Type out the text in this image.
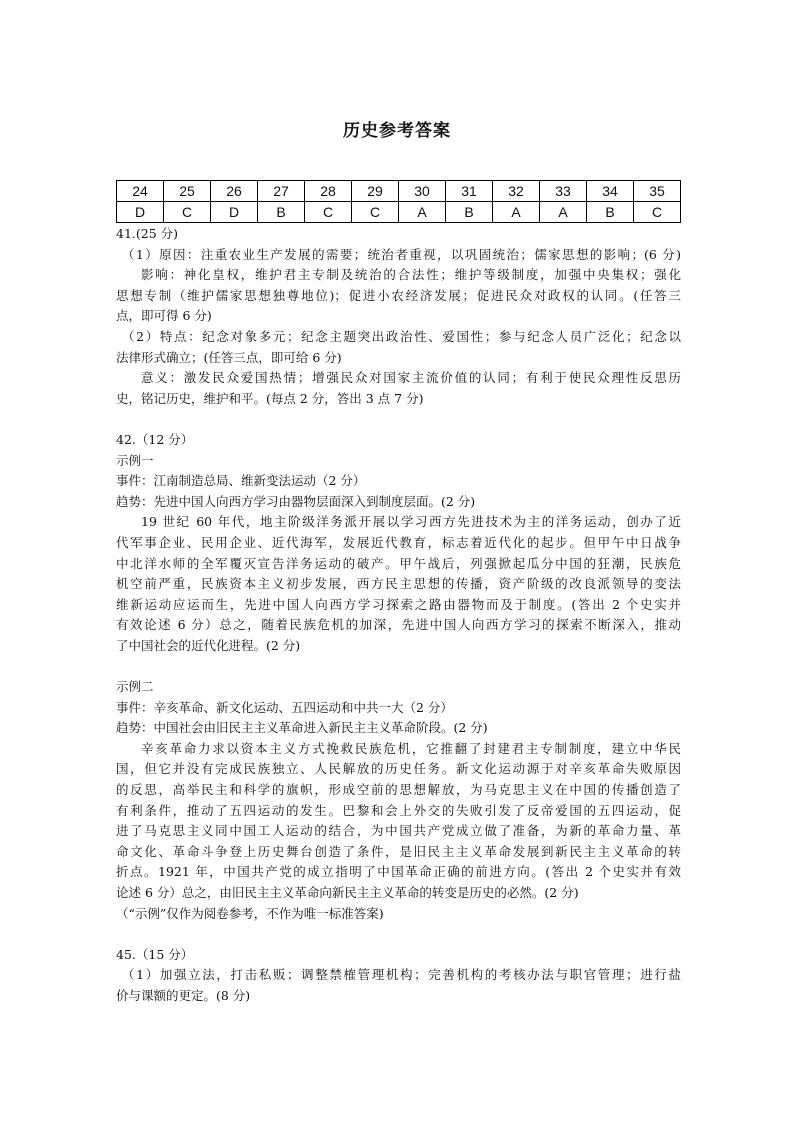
历史参考答案
24	25	26	27	28	29	30	31	32	33	34	35
D	C	D	B	C	C	A	B	A	A	B	C
41.(25 分)
（1）原因：注重农业生产发展的需要；统治者重视，以巩固统治；儒家思想的影响；(6 分)
影响：神化皇权，维护君主专制及统治的合法性；维护等级制度，加强中央集权；强化
思想专制（维护儒家思想独尊地位)；促进小农经济发展；促进民众对政权的认同。(任答三
点，即可得 6 分)
（2）特点：纪念对象多元；纪念主题突出政治性、爱国性；参与纪念人员广泛化；纪念以
法律形式确立；(任答三点，即可给 6 分)
意义：激发民众爱国热情；增强民众对国家主流价值的认同；有利于使民众理性反思历
史，铭记历史，维护和平。(每点 2 分，答出 3 点 7 分)
42.（12 分）
示例一
事件：江南制造总局、维新变法运动（2 分）
趋势：先进中国人向西方学习由器物层面深入到制度层面。(2 分)
19 世纪 60 年代，地主阶级洋务派开展以学习西方先进技术为主的洋务运动，创办了近
代军事企业、民用企业、近代海军，发展近代教育，标志着近代化的起步。但甲午中日战争
中北洋水师的全军覆灭宣告洋务运动的破产。甲午战后，列强掀起瓜分中国的狂潮，民族危
机空前严重，民族资本主义初步发展，西方民主思想的传播，资产阶级的改良派领导的变法
维新运动应运而生，先进中国人向西方学习探索之路由器物而及于制度。(答出 2 个史实并
有效论述 6 分）总之，随着民族危机的加深，先进中国人向西方学习的探索不断深入，推动
了中国社会的近代化进程。(2 分)
示例二
事件：辛亥革命、新文化运动、五四运动和中共一大（2 分）
趋势：中国社会由旧民主主义革命进入新民主主义革命阶段。(2 分)
辛亥革命力求以资本主义方式挽救民族危机，它推翻了封建君主专制制度，建立中华民
国，但它并没有完成民族独立、人民解放的历史任务。新文化运动源于对辛亥革命失败原因
的反思，高举民主和科学的旗帜，形成空前的思想解放，为马克思主义在中国的传播创造了
有利条件，推动了五四运动的发生。巴黎和会上外交的失败引发了反帝爱国的五四运动，促
进了马克思主义同中国工人运动的结合，为中国共产党成立做了准备，为新的革命力量、革
命文化、革命斗争登上历史舞台创造了条件，是旧民主主义革命发展到新民主主义革命的转
折点。1921 年，中国共产党的成立指明了中国革命正确的前进方向。(答出 2 个史实并有效
论述 6 分）总之，由旧民主主义革命向新民主主义革命的转变是历史的必然。(2 分)
（“示例”仅作为阅卷参考，不作为唯一标准答案)
45.（15 分）
（1）加强立法，打击私贩；调整禁榷管理机构；完善机构的考核办法与职官管理；进行盐
价与课额的更定。(8 分)
